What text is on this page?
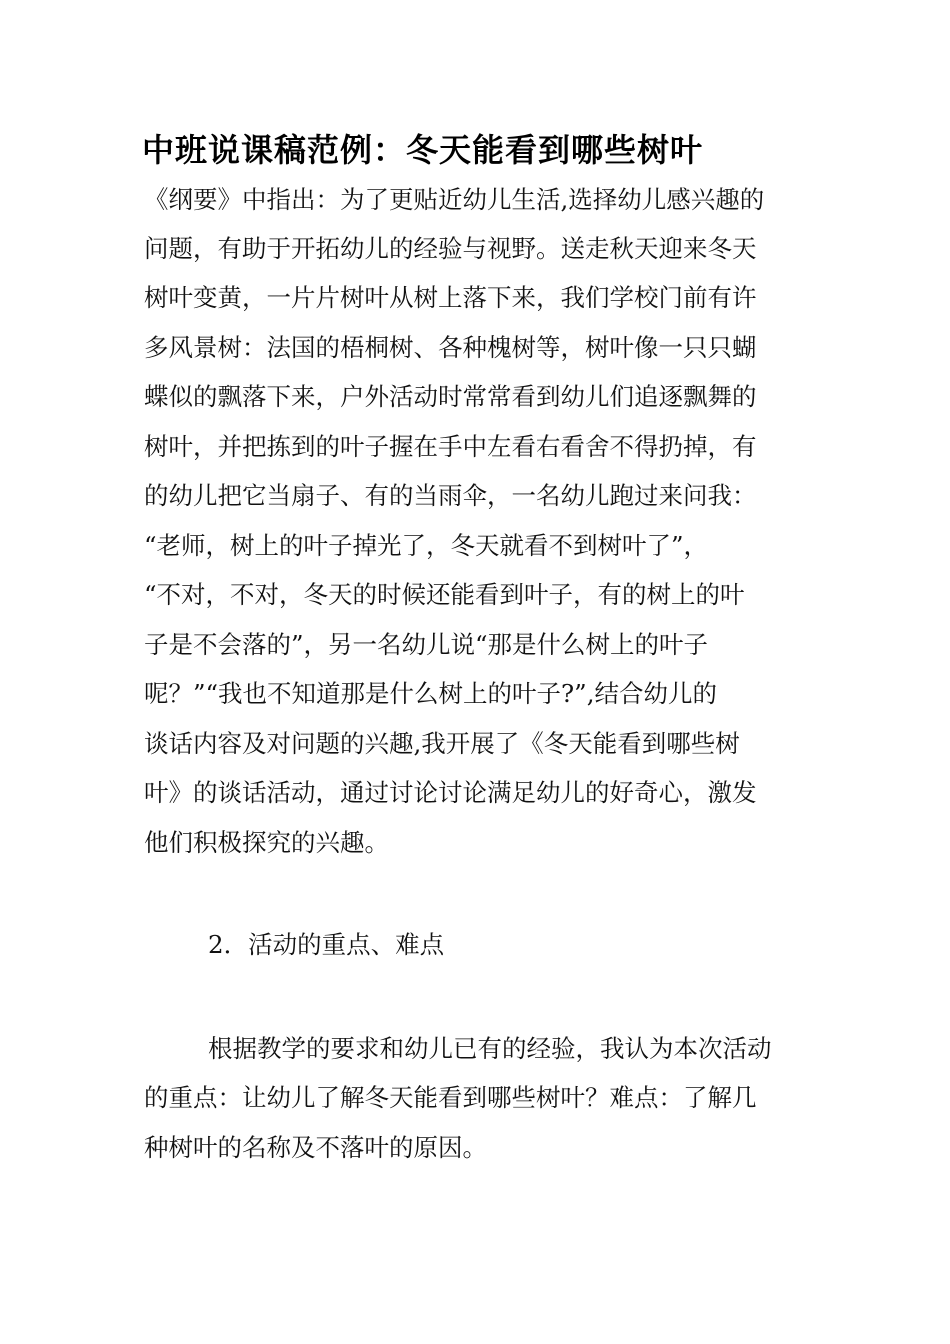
中班说课稿范例：冬天能看到哪些树叶
《纲要》中指出：为了更贴近幼儿生活,选择幼儿感兴趣的
问题，有助于开拓幼儿的经验与视野。送走秋天迎来冬天
树叶变黄，一片片树叶从树上落下来，我们学校门前有许
多风景树：法国的梧桐树、各种槐树等，树叶像一只只蝴
蝶似的飘落下来，户外活动时常常看到幼儿们追逐飘舞的
树叶，并把拣到的叶子握在手中左看右看舍不得扔掉，有
的幼儿把它当扇子、有的当雨伞，一名幼儿跑过来问我：
“老师，树上的叶子掉光了，冬天就看不到树叶了”，
“不对，不对，冬天的时候还能看到叶子，有的树上的叶
子是不会落的”，另一名幼儿说“那是什么树上的叶子
呢？”“我也不知道那是什么树上的叶子?”,结合幼儿的
谈话内容及对问题的兴趣,我开展了《冬天能看到哪些树
叶》的谈话活动，通过讨论讨论满足幼儿的好奇心，激发
他们积极探究的兴趣。
2．活动的重点、难点
根据教学的要求和幼儿已有的经验，我认为本次活动
的重点：让幼儿了解冬天能看到哪些树叶？难点：了解几
种树叶的名称及不落叶的原因。
